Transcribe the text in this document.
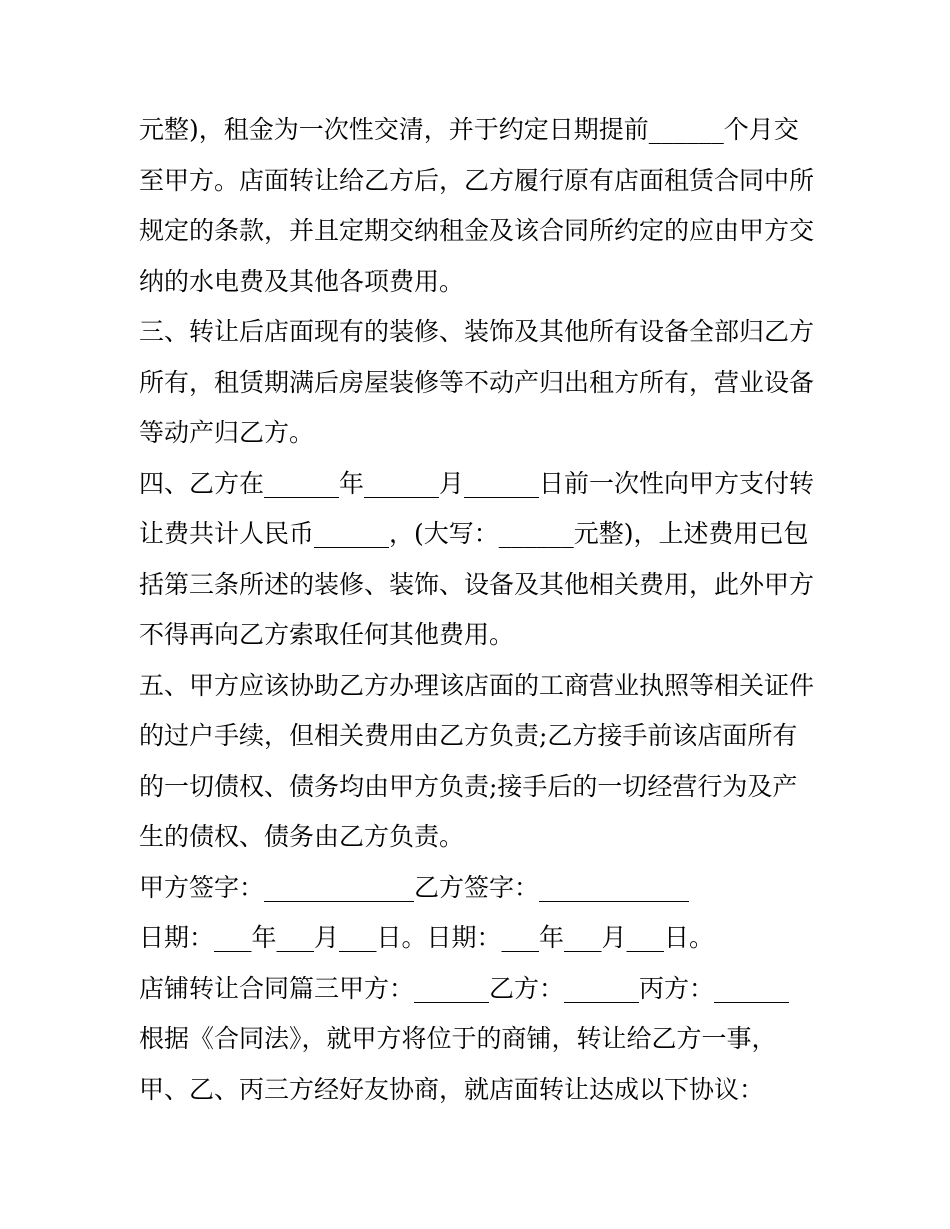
元整)，租金为一次性交清，并于约定日期提前______个月交
至甲方。店面转让给乙方后，乙方履行原有店面租赁合同中所
规定的条款，并且定期交纳租金及该合同所约定的应由甲方交
纳的水电费及其他各项费用。
三、转让后店面现有的装修、装饰及其他所有设备全部归乙方
所有，租赁期满后房屋装修等不动产归出租方所有，营业设备
等动产归乙方。
四、乙方在______年______月______日前一次性向甲方支付转
让费共计人民币______，(大写：______元整)，上述费用已包
括第三条所述的装修、装饰、设备及其他相关费用，此外甲方
不得再向乙方索取任何其他费用。
五、甲方应该协助乙方办理该店面的工商营业执照等相关证件
的过户手续，但相关费用由乙方负责;乙方接手前该店面所有
的一切债权、债务均由甲方负责;接手后的一切经营行为及产
生的债权、债务由乙方负责。
甲方签字：____________乙方签字：____________
日期：___年___月___日。日期：___年___月___日。
店铺转让合同篇三甲方：______乙方：______丙方：______
根据《合同法》，就甲方将位于的商铺，转让给乙方一事，
甲、乙、丙三方经好友协商，就店面转让达成以下协议：
